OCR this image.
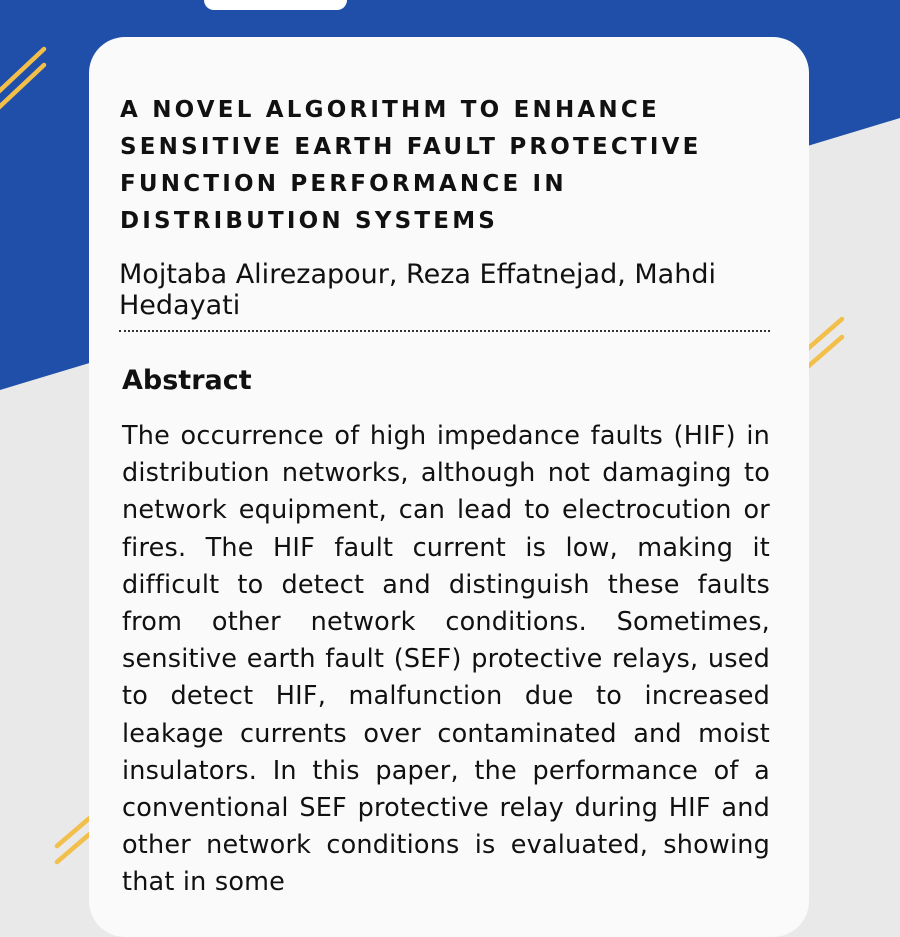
A NOVEL ALGORITHM TO ENHANCE SENSITIVE EARTH FAULT PROTECTIVE FUNCTION PERFORMANCE IN DISTRIBUTION SYSTEMS

Mojtaba Alirezapour, Reza Effatnejad, Mahdi Hedayati

Abstract

The occurrence of high impedance faults (HIF) in distribution networks, although not damaging to network equipment, can lead to electrocution or fires. The HIF fault current is low, making it difficult to detect and distinguish these faults from other network conditions. Sometimes, sensitive earth fault (SEF) protective relays, used to detect HIF, malfunction due to increased leakage currents over contaminated and moist insulators. In this paper, the performance of a conventional SEF protective relay during HIF and other network conditions is evaluated, showing that in some
